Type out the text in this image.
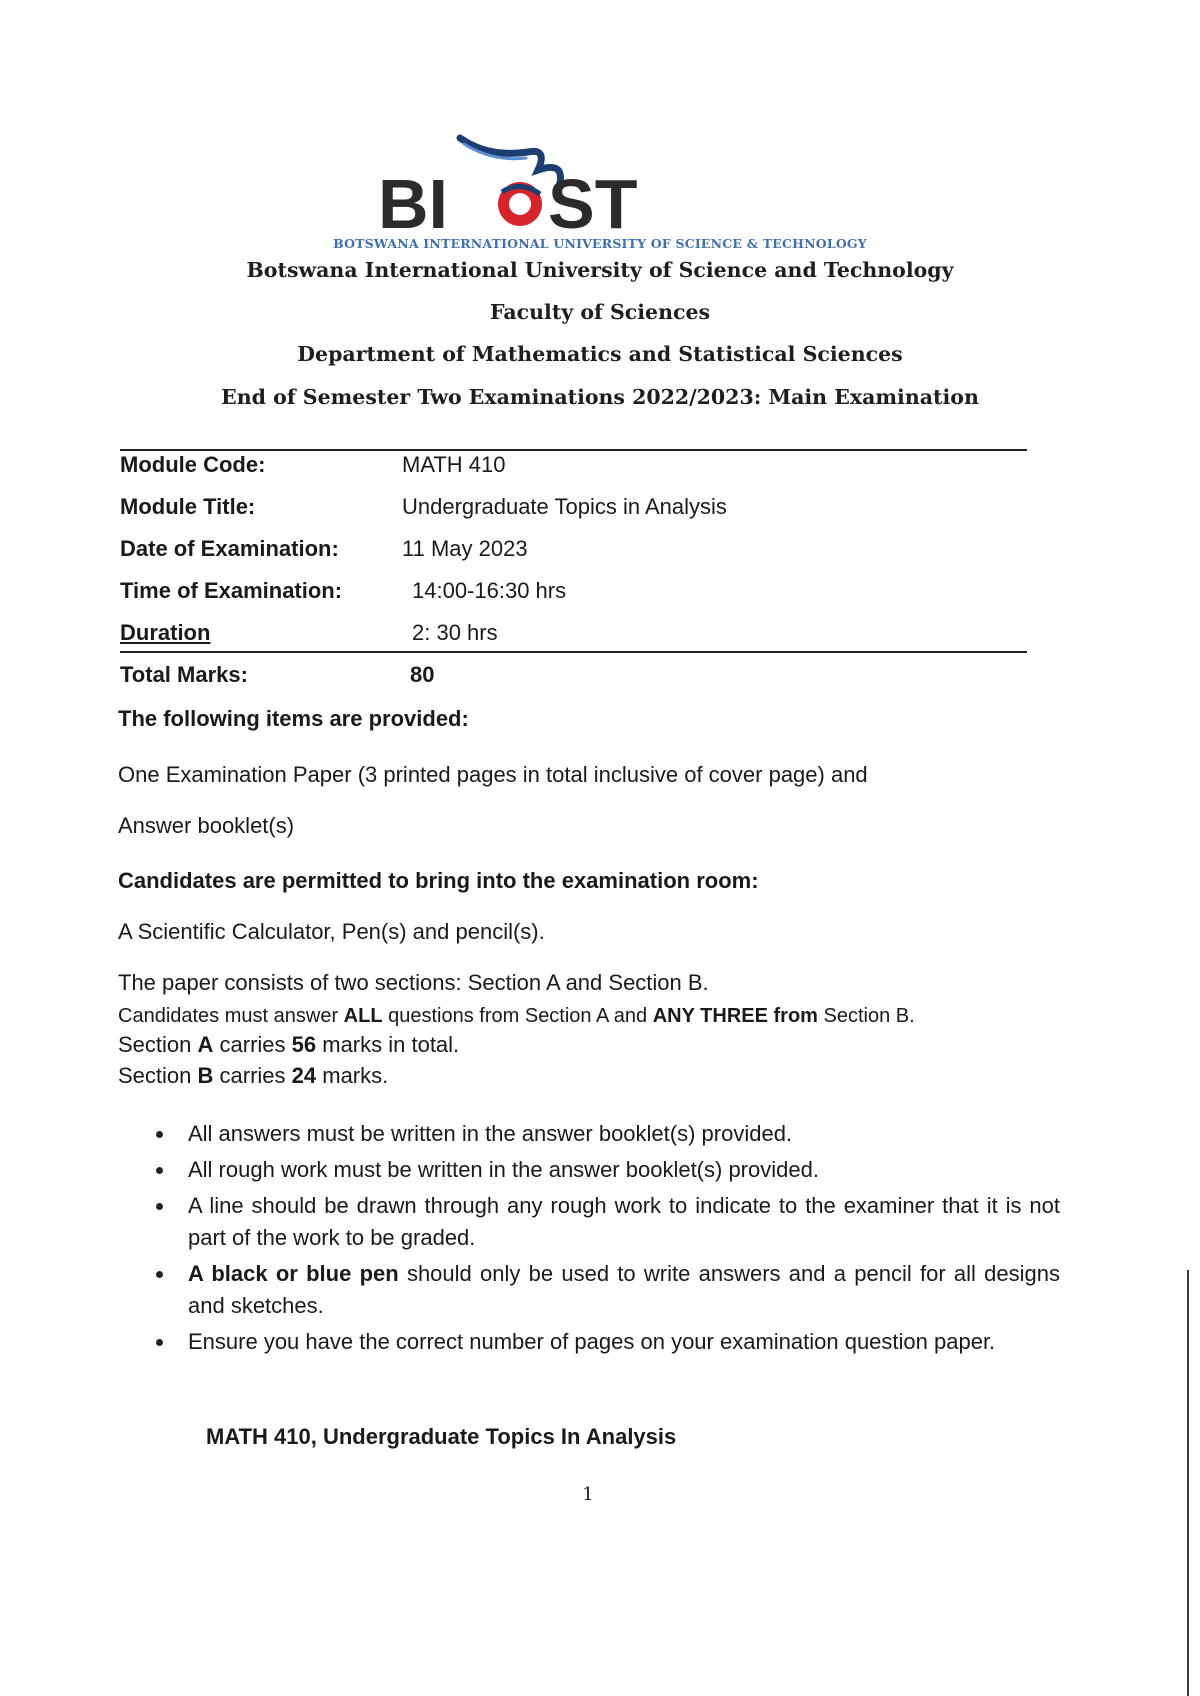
BI ST
BOTSWANA INTERNATIONAL UNIVERSITY OF SCIENCE & TECHNOLOGY
Botswana International University of Science and Technology
Faculty of Sciences
Department of Mathematics and Statistical Sciences
End of Semester Two Examinations 2022/2023: Main Examination
Module Code:	MATH 410
Module Title:	Undergraduate Topics in Analysis
Date of Examination:	11 May 2023
Time of Examination:	14:00-16:30 hrs
Duration	2: 30 hrs
Total Marks:	80
The following items are provided:
One Examination Paper (3 printed pages in total inclusive of cover page) and
Answer booklet(s)
Candidates are permitted to bring into the examination room:
A Scientific Calculator, Pen(s) and pencil(s).
The paper consists of two sections: Section A and Section B.
Candidates must answer ALL questions from Section A and ANY THREE from Section B.
Section A carries 56 marks in total.
Section B carries 24 marks.
All answers must be written in the answer booklet(s) provided.
All rough work must be written in the answer booklet(s) provided.
A line should be drawn through any rough work to indicate to the examiner that it is not part of the work to be graded.
A black or blue pen should only be used to write answers and a pencil for all designs and sketches.
Ensure you have the correct number of pages on your examination question paper.
MATH 410, Undergraduate Topics In Analysis
1
